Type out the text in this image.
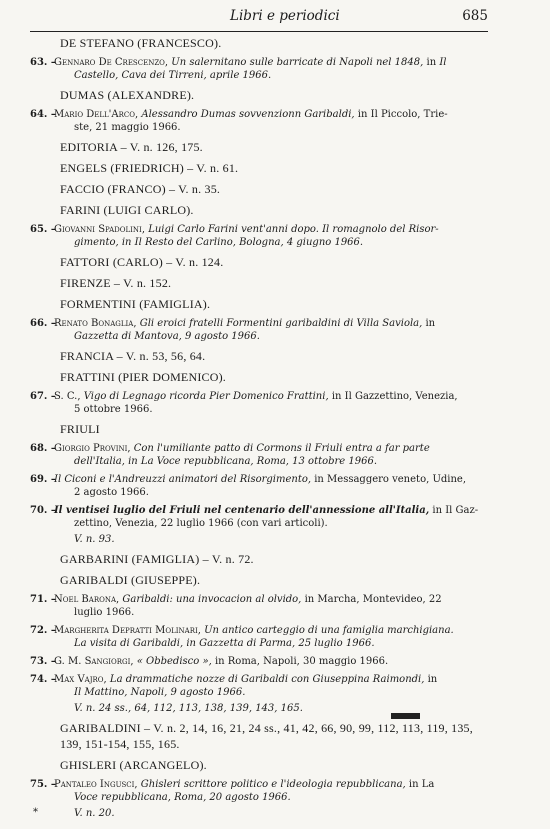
Libri e periodici	685
DE STEFANO (FRANCESCO).
63. –
Gennaro De Crescenzo, Un salernitano sulle barricate di Napoli nel 1848, in Il
Castello, Cava dei Tirreni, aprile 1966.
DUMAS (ALEXANDRE).
64. –
Mario Dell'Arco, Alessandro Dumas sovvenzionn Garibaldi, in Il Piccolo, Trie-
ste, 21 maggio 1966.
EDITORIA – V. n. 126, 175.
ENGELS (FRIEDRICH) – V. n. 61.
FACCIO (FRANCO) – V. n. 35.
FARINI (LUIGI CARLO).
65. –
Giovanni Spadolini, Luigi Carlo Farini vent'anni dopo. Il romagnolo del Risor-
gimento, in Il Resto del Carlino, Bologna, 4 giugno 1966.
FATTORI (CARLO) – V. n. 124.
FIRENZE – V. n. 152.
FORMENTINI (FAMIGLIA).
66. –
Renato Bonaglia, Gli eroici fratelli Formentini garibaldini di Villa Saviola, in
Gazzetta di Mantova, 9 agosto 1966.
FRANCIA – V. n. 53, 56, 64.
FRATTINI (PIER DOMENICO).
67. –
S. C., Vigo di Legnago ricorda Pier Domenico Frattini, in Il Gazzettino, Venezia,
5 ottobre 1966.
FRIULI
68. –
Giorgio Provini, Con l'umiliante patto di Cormons il Friuli entra a far parte
dell'Italia, in La Voce repubblicana, Roma, 13 ottobre 1966.
69. –
Il Ciconi e l'Andreuzzi animatori del Risorgimento, in Messaggero veneto, Udine,
2 agosto 1966.
70. –
Il ventisei luglio del Friuli nel centenario dell'annessione all'Italia, in Il Gaz-
zettino, Venezia, 22 luglio 1966 (con vari articoli).
V. n. 93.
GARBARINI (FAMIGLIA) – V. n. 72.
GARIBALDI (GIUSEPPE).
71. –
Noel Barona, Garibaldi: una invocacion al olvido, in Marcha, Montevideo, 22
luglio 1966.
72. –
Margherita Depratti Molinari, Un antico carteggio di una famiglia marchigiana.
La visita di Garibaldi, in Gazzetta di Parma, 25 luglio 1966.
73. –
G. M. Sangiorgi, « Obbedisco », in Roma, Napoli, 30 maggio 1966.
74. –
Max Vajro, La drammatiche nozze di Garibaldi con Giuseppina Raimondi, in
Il Mattino, Napoli, 9 agosto 1966.
V. n. 24 ss., 64, 112, 113, 138, 139, 143, 165.
GARIBALDINI – V. n. 2, 14, 16, 21, 24 ss., 41, 42, 66, 90, 99, 112, 113, 119, 135,
139, 151-154, 155, 165.
GHISLERI (ARCANGELO).
75. –
Pantaleo Ingusci, Ghisleri scrittore politico e l'ideologia repubblicana, in La
Voce repubblicana, Roma, 20 agosto 1966.
V. n. 20.
*
